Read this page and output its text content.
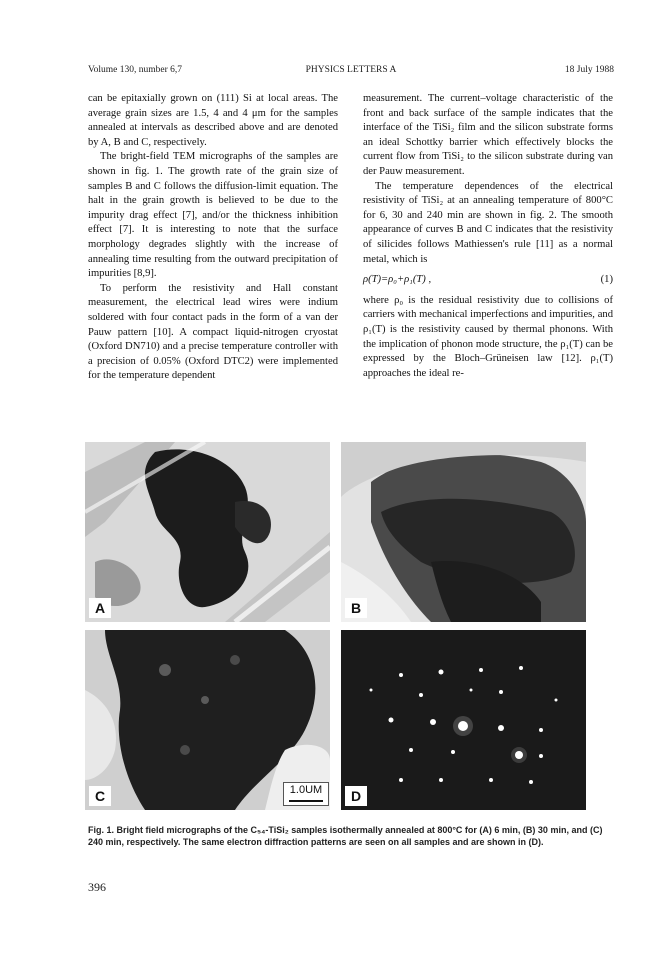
Volume 130, number 6,7	PHYSICS LETTERS A	18 July 1988

can be epitaxially grown on (111) Si at local areas. The average grain sizes are 1.5, 4 and 4 μm for the samples annealed at intervals as described above and are denoted by A, B and C, respectively.

The bright-field TEM micrographs of the samples are shown in fig. 1. The growth rate of the grain size of samples B and C follows the diffusion-limit equation. The halt in the grain growth is believed to be due to the impurity drag effect [7], and/or the thickness inhibition effect [7]. It is interesting to note that the surface morphology degrades slightly with the increase of annealing time resulting from the outward precipitation of impurities [8,9].

To perform the resistivity and Hall constant measurement, the electrical lead wires were indium soldered with four contact pads in the form of a van der Pauw pattern [10]. A compact liquid-nitrogen cryostat (Oxford DN710) and a precise temperature controller with a precision of 0.05% (Oxford DTC2) were implemented for the temperature dependent

measurement. The current–voltage characteristic of the front and back surface of the sample indicates that the interface of the TiSi₂ film and the silicon substrate forms an ideal Schottky barrier which effectively blocks the current flow from TiSi₂ to the silicon substrate during van der Pauw measurement.

The temperature dependences of the electrical resistivity of TiSi₂ at an annealing temperature of 800°C for 6, 30 and 240 min are shown in fig. 2. The smooth appearance of curves B and C indicates that the resistivity of silicides follows Mathiessen's rule [11] as a normal metal, which is

ρ(T)=ρ₀+ρ₁(T) ,	(1)

where ρ₀ is the residual resistivity due to collisions of carriers with mechanical imperfections and impurities, and ρ₁(T) is the resistivity caused by thermal phonons. With the implication of phonon mode structure, the ρ₁(T) can be expressed by the Bloch–Grüneisen law [12]. ρ₁(T) approaches the ideal re-

A	B
C	1.0UM	D
Fig. 1. Bright field micrographs of the C₅₄-TiSi₂ samples isothermally annealed at 800°C for (A) 6 min, (B) 30 min, and (C) 240 min, respectively. The same electron diffraction patterns are seen on all samples and are shown in (D).
396
